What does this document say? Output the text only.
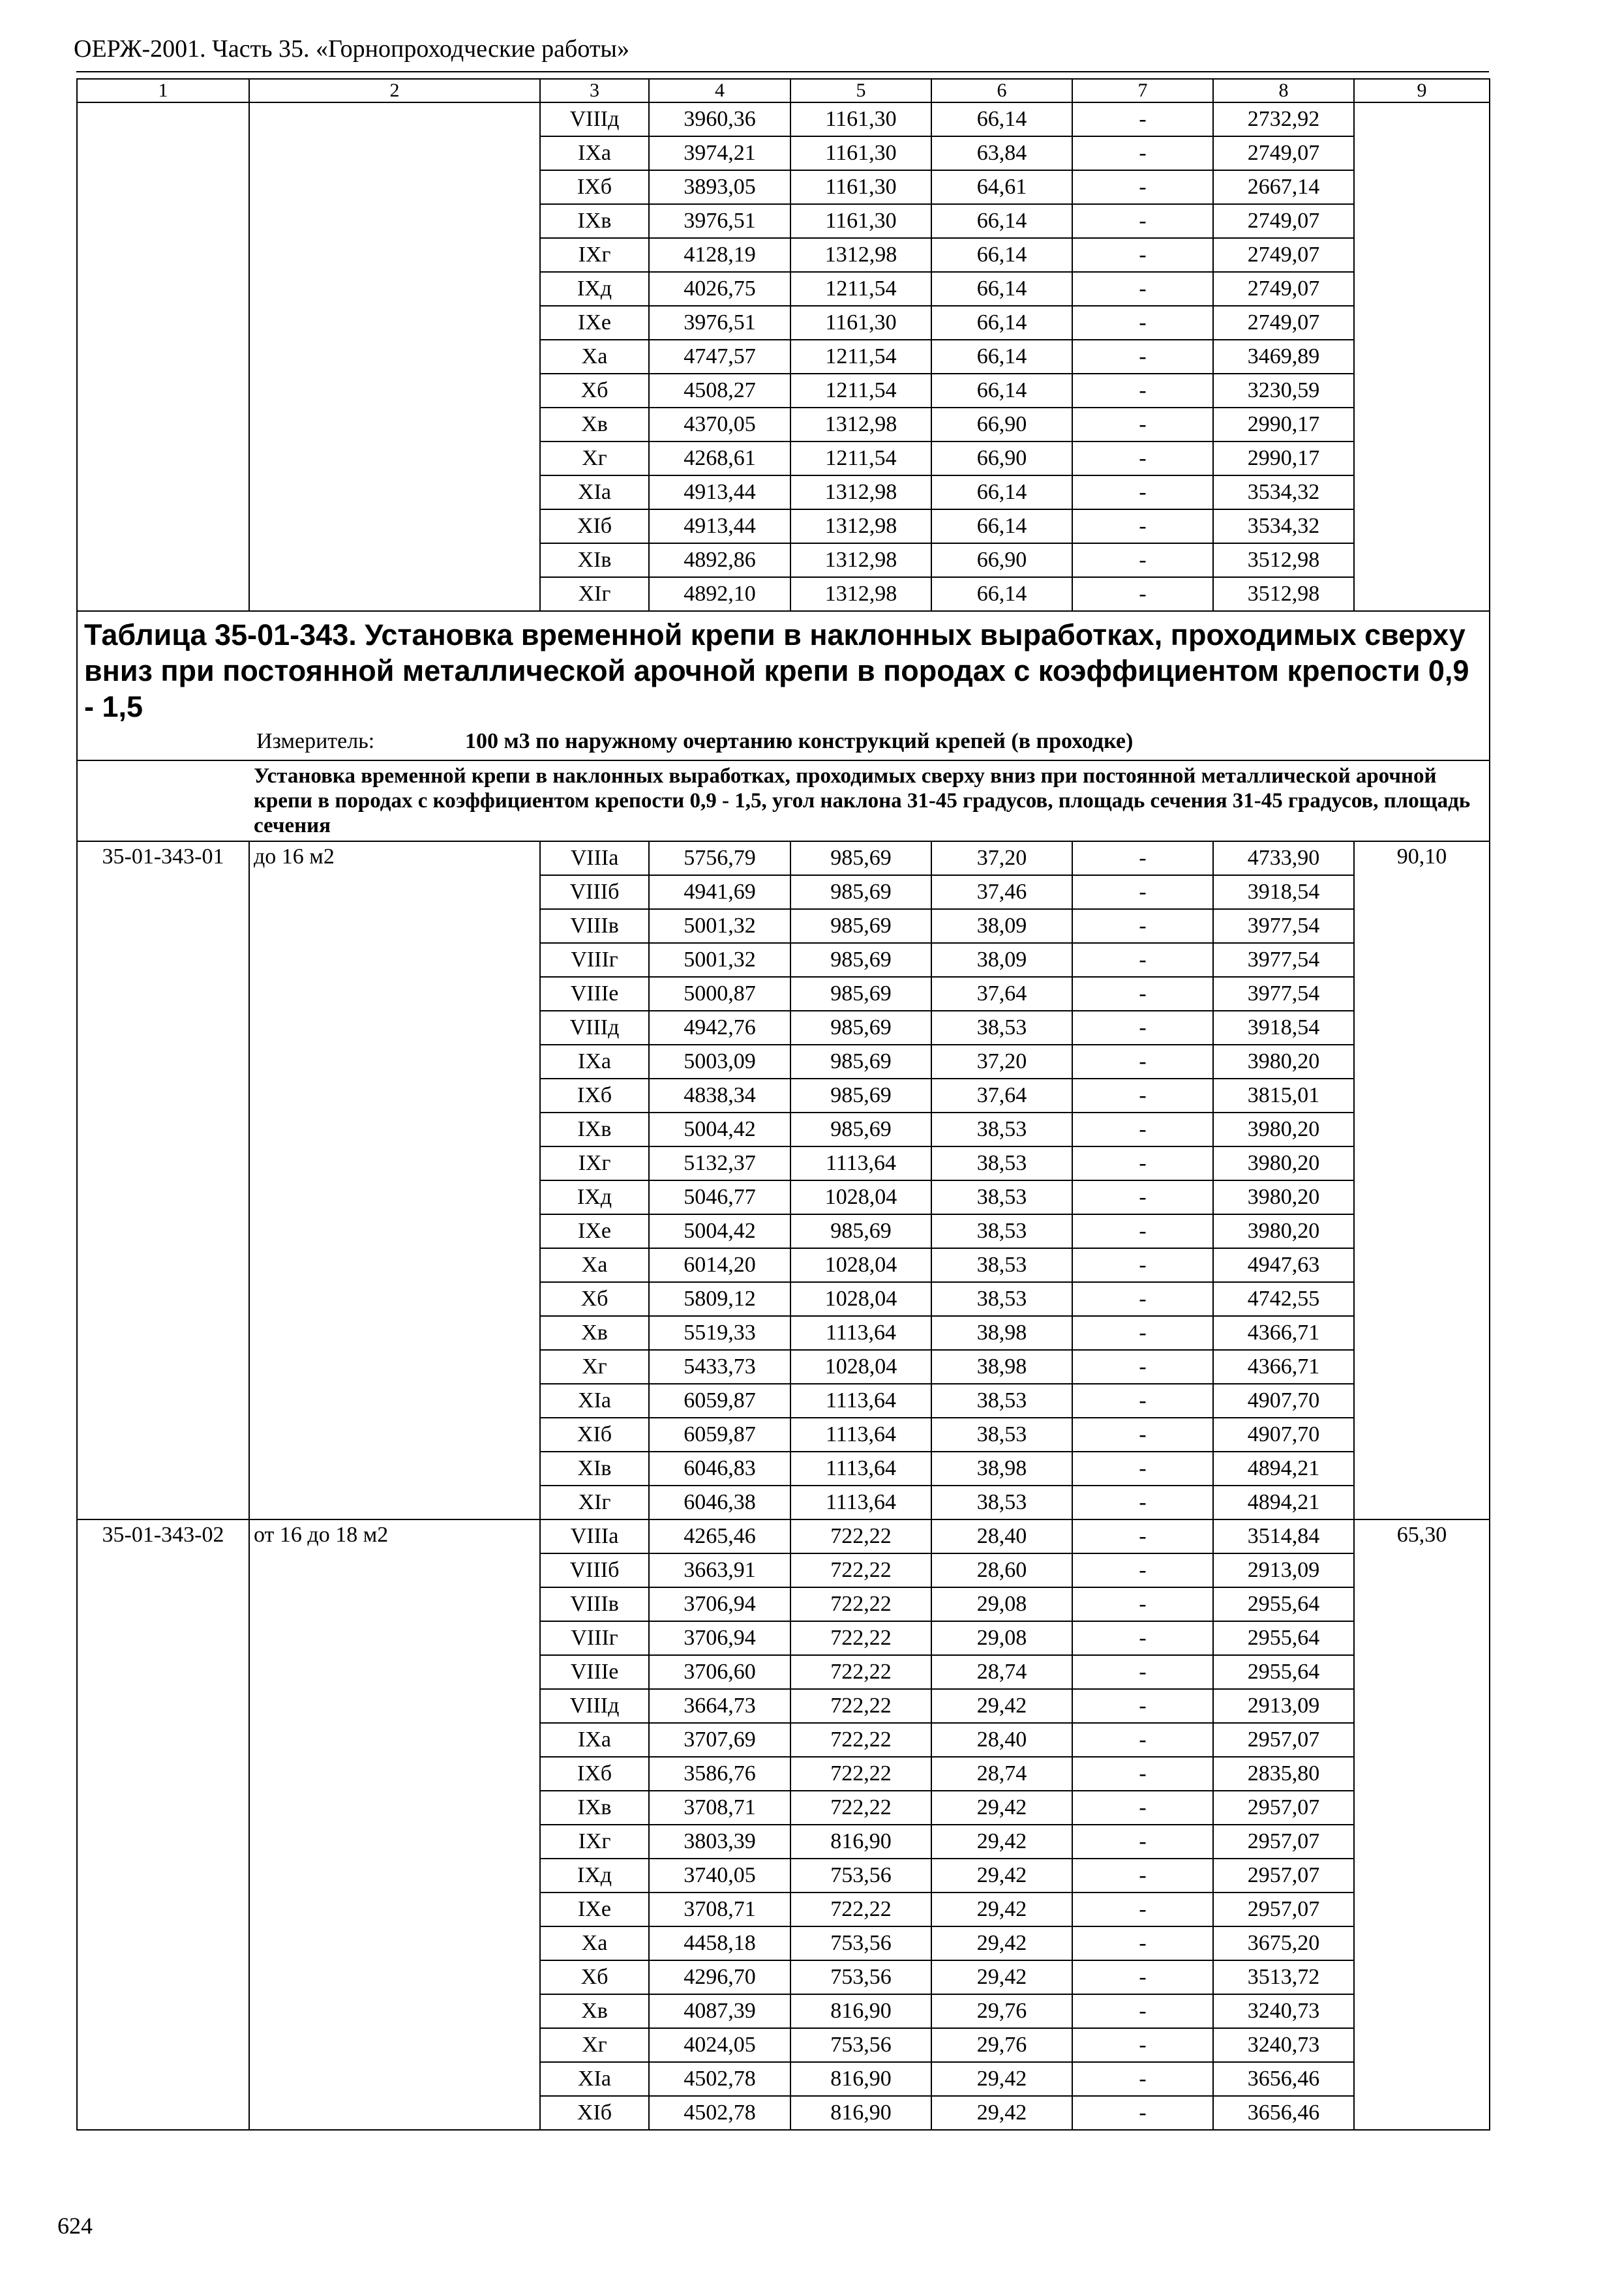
ОЕРЖ-2001. Часть 35. «Горнопроходческие работы»
1	2	3	4	5	6	7	8	9
		VIIIд	3960,36	1161,30	66,14	-	2732,92	
		IXа	3974,21	1161,30	63,84	-	2749,07	
		IXб	3893,05	1161,30	64,61	-	2667,14	
		IXв	3976,51	1161,30	66,14	-	2749,07	
		IXг	4128,19	1312,98	66,14	-	2749,07	
		IXд	4026,75	1211,54	66,14	-	2749,07	
		IXе	3976,51	1161,30	66,14	-	2749,07	
		Xа	4747,57	1211,54	66,14	-	3469,89	
		Xб	4508,27	1211,54	66,14	-	3230,59	
		Xв	4370,05	1312,98	66,90	-	2990,17	
		Xг	4268,61	1211,54	66,90	-	2990,17	
		XIа	4913,44	1312,98	66,14	-	3534,32	
		XIб	4913,44	1312,98	66,14	-	3534,32	
		XIв	4892,86	1312,98	66,90	-	3512,98	
		XIг	4892,10	1312,98	66,14	-	3512,98	

Таблица 35-01-343. Установка временной крепи в наклонных выработках, проходимых сверху вниз при постоянной металлической арочной крепи в породах с коэффициентом крепости 0,9 - 1,5
Измеритель: 100 м3 по наружному очертанию конструкций крепей (в проходке)								

Установка временной крепи в наклонных выработках, проходимых сверху вниз при постоянной металлической арочной крепи в породах с коэффициентом крепости 0,9 - 1,5, угол наклона 31-45 градусов, площадь сечения 31-45 градусов, площадь сечения								

35-01-343-01	до 16 м2	VIIIа	5756,79	985,69	37,20	-	4733,90	90,10
		VIIIб	4941,69	985,69	37,46	-	3918,54	
		VIIIв	5001,32	985,69	38,09	-	3977,54	
		VIIIг	5001,32	985,69	38,09	-	3977,54	
		VIIIе	5000,87	985,69	37,64	-	3977,54	
		VIIIд	4942,76	985,69	38,53	-	3918,54	
		IXа	5003,09	985,69	37,20	-	3980,20	
		IXб	4838,34	985,69	37,64	-	3815,01	
		IXв	5004,42	985,69	38,53	-	3980,20	
		IXг	5132,37	1113,64	38,53	-	3980,20	
		IXд	5046,77	1028,04	38,53	-	3980,20	
		IXе	5004,42	985,69	38,53	-	3980,20	
		Xа	6014,20	1028,04	38,53	-	4947,63	
		Xб	5809,12	1028,04	38,53	-	4742,55	
		Xв	5519,33	1113,64	38,98	-	4366,71	
		Xг	5433,73	1028,04	38,98	-	4366,71	
		XIа	6059,87	1113,64	38,53	-	4907,70	
		XIб	6059,87	1113,64	38,53	-	4907,70	
		XIв	6046,83	1113,64	38,98	-	4894,21	
		XIг	6046,38	1113,64	38,53	-	4894,21	
35-01-343-02	от 16 до 18 м2	VIIIа	4265,46	722,22	28,40	-	3514,84	65,30
		VIIIб	3663,91	722,22	28,60	-	2913,09	
		VIIIв	3706,94	722,22	29,08	-	2955,64	
		VIIIг	3706,94	722,22	29,08	-	2955,64	
		VIIIе	3706,60	722,22	28,74	-	2955,64	
		VIIIд	3664,73	722,22	29,42	-	2913,09	
		IXа	3707,69	722,22	28,40	-	2957,07	
		IXб	3586,76	722,22	28,74	-	2835,80	
		IXв	3708,71	722,22	29,42	-	2957,07	
		IXг	3803,39	816,90	29,42	-	2957,07	
		IXд	3740,05	753,56	29,42	-	2957,07	
		IXе	3708,71	722,22	29,42	-	2957,07	
		Xа	4458,18	753,56	29,42	-	3675,20	
		Xб	4296,70	753,56	29,42	-	3513,72	
		Xв	4087,39	816,90	29,76	-	3240,73	
		Xг	4024,05	753,56	29,76	-	3240,73	
		XIа	4502,78	816,90	29,42	-	3656,46	
		XIб	4502,78	816,90	29,42	-	3656,46	
624
